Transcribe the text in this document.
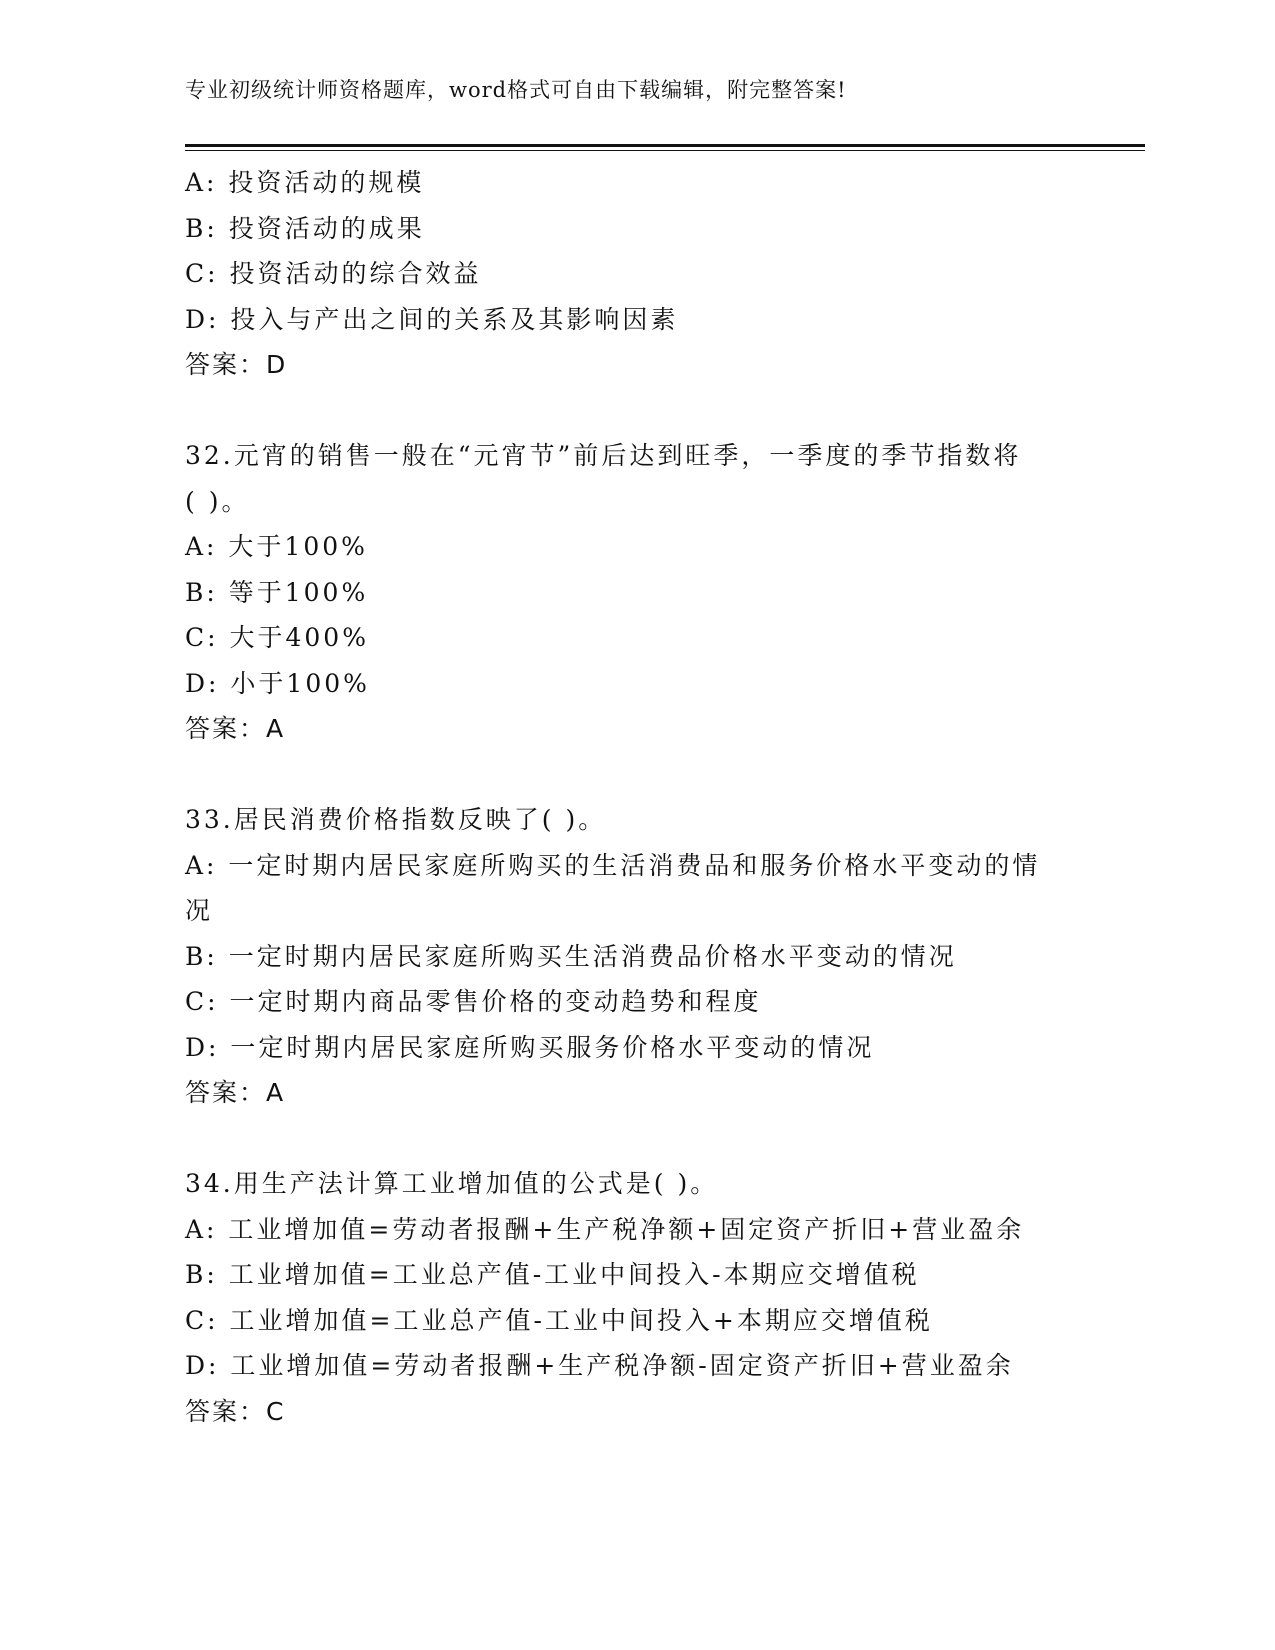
专业初级统计师资格题库，word格式可自由下载编辑，附完整答案!
A: 投资活动的规模
B: 投资活动的成果
C: 投资活动的综合效益
D: 投入与产出之间的关系及其影响因素
答案：D
32.元宵的销售一般在“元宵节”前后达到旺季，一季度的季节指数将
( )。
A: 大于100%
B: 等于100%
C: 大于400%
D: 小于100%
答案：A
33.居民消费价格指数反映了( )。
A: 一定时期内居民家庭所购买的生活消费品和服务价格水平变动的情
况
B: 一定时期内居民家庭所购买生活消费品价格水平变动的情况
C: 一定时期内商品零售价格的变动趋势和程度
D: 一定时期内居民家庭所购买服务价格水平变动的情况
答案：A
34.用生产法计算工业增加值的公式是( )。
A: 工业增加值=劳动者报酬+生产税净额+固定资产折旧+营业盈余
B: 工业增加值=工业总产值-工业中间投入-本期应交增值税
C: 工业增加值=工业总产值-工业中间投入+本期应交增值税
D: 工业增加值=劳动者报酬+生产税净额-固定资产折旧+营业盈余
答案：C
